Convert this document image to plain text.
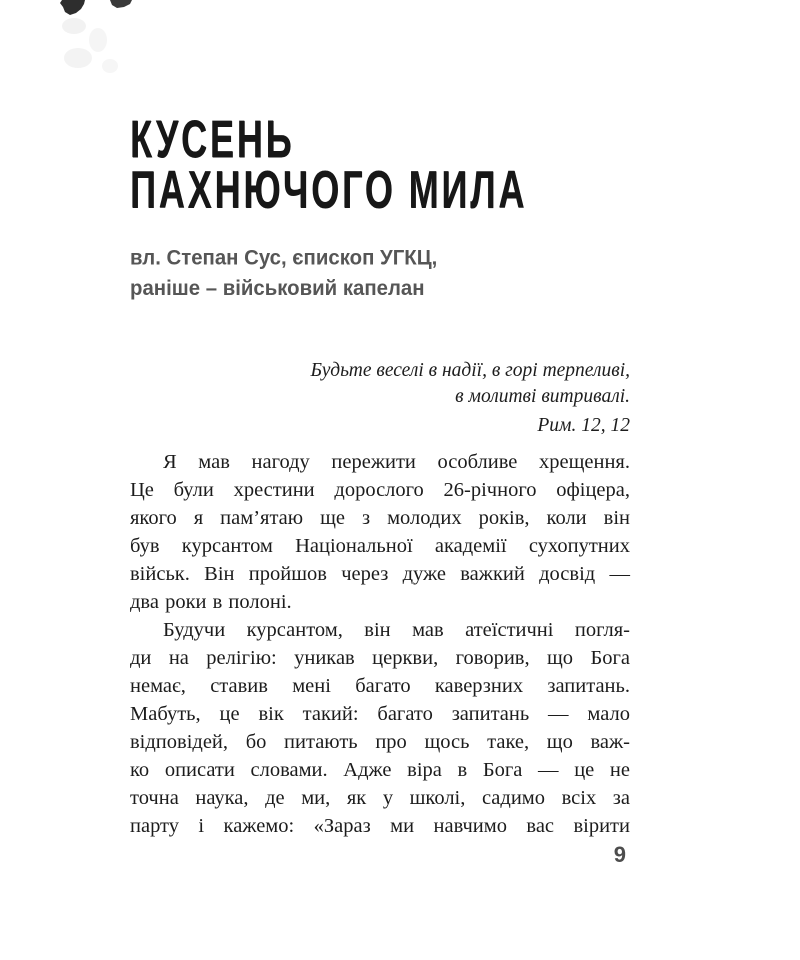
КУСЕНЬ
ПАХНЮЧОГО МИЛА
вл. Степан Сус, єпископ УГКЦ,
раніше – військовий капелан
Будьте веселі в надії, в горі терпеливі,
в молитві витривалі.
Рим. 12, 12
Я мав нагоду пережити особливе хрещення.
Це були хрестини дорослого 26-річного офіцера,
якого я пам’ятаю ще з молодих років, коли він
був курсантом Національної академії сухопутних
військ. Він пройшов через дуже важкий досвід —
два роки в полоні.
Будучи курсантом, він мав атеїстичні погля-
ди на релігію: уникав церкви, говорив, що Бога
немає, ставив мені багато каверзних запитань.
Мабуть, це вік такий: багато запитань — мало
відповідей, бо питають про щось таке, що важ-
ко описати словами. Адже віра в Бога — це не
точна наука, де ми, як у школі, садимо всіх за
парту і кажемо: «Зараз ми навчимо вас вірити
9
